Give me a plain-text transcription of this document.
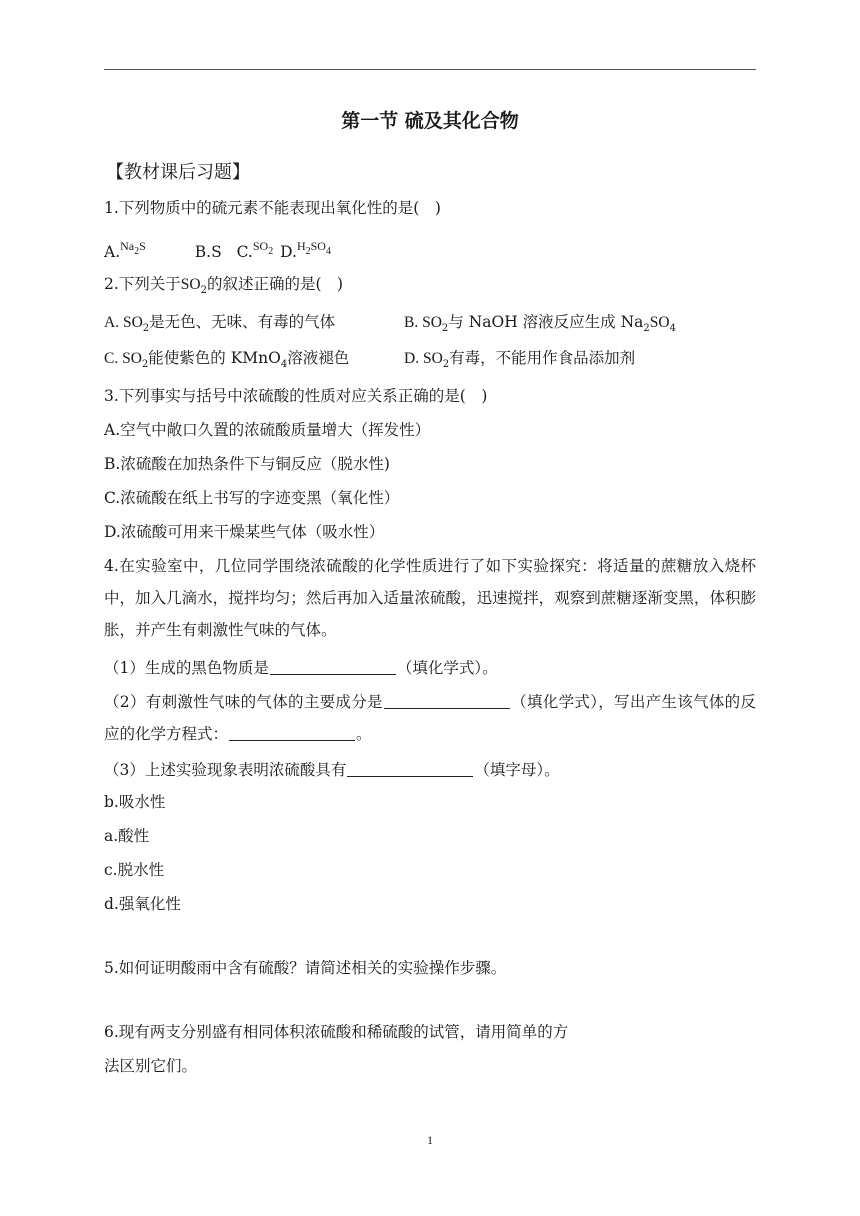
第一节 硫及其化合物
【教材课后习题】
1.下列物质中的硫元素不能表现出氧化性的是(　)
A.$^{Na_2S}$	B.S C.$^{SO_2}$ D.$^{H_2SO_4}$
2.下列关于$SO_2$的叙述正确的是(　)
A. $SO_2$是无色、无味、有毒的气体	B. $SO_2$与 NaOH 溶液反应生成 $Na_2SO_4$
C. $SO_2$能使紫色的 KMnO$_4$溶液褪色	D. $SO_2$有毒，不能用作食品添加剂
3.下列事实与括号中浓硫酸的性质对应关系正确的是(　)
A.空气中敞口久置的浓硫酸质量增大（挥发性）
B.浓硫酸在加热条件下与铜反应（脱水性)
C.浓硫酸在纸上书写的字迹变黑（氧化性）
D.浓硫酸可用来干燥某些气体（吸水性）
4.在实验室中，几位同学围绕浓硫酸的化学性质进行了如下实验探究：将适量的蔗糖放入烧杯中，加入几滴水，搅拌均匀；然后再加入适量浓硫酸，迅速搅拌，观察到蔗糖逐渐变黑，体积膨胀，并产生有刺激性气味的气体。
（1）生成的黑色物质是	（填化学式）。
（2）有刺激性气味的气体的主要成分是	（填化学式），写出产生该气体的反应的化学方程式：	。
（3）上述实验现象表明浓硫酸具有	（填字母）。
b.吸水性
a.酸性
c.脱水性
d.强氧化性
5.如何证明酸雨中含有硫酸？请简述相关的实验操作步骤。
6.现有两支分别盛有相同体积浓硫酸和稀硫酸的试管，请用简单的方
法区别它们。
1
